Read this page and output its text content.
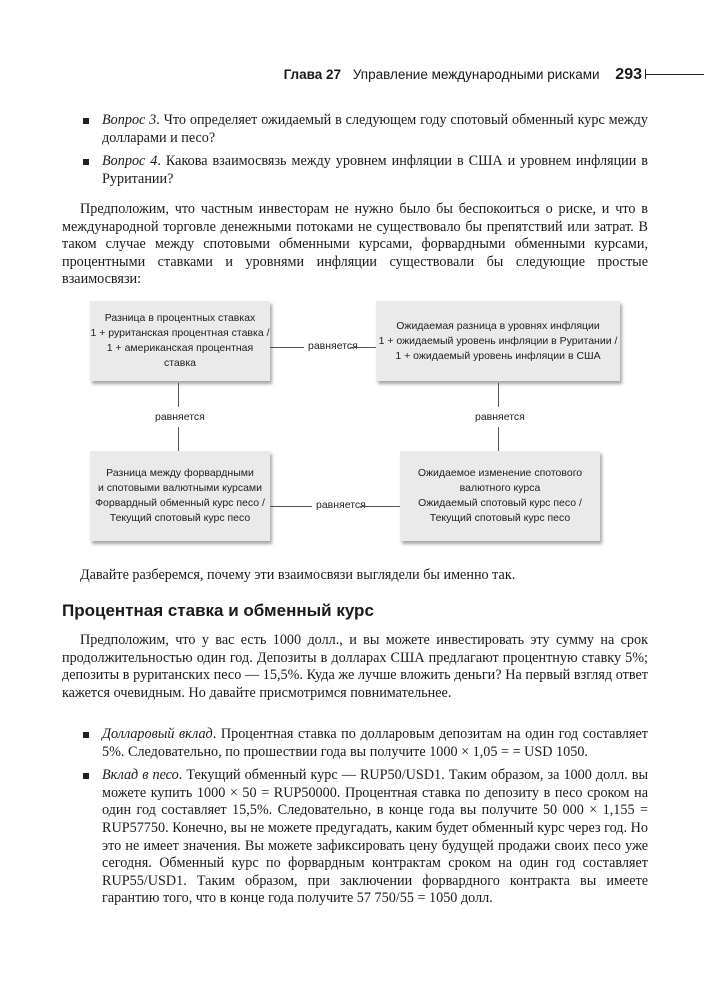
Глава 27 Управление международными рисками 293
Вопрос 3. Что определяет ожидаемый в следующем году спотовый обменный курс между долларами и песо?
Вопрос 4. Какова взаимосвязь между уровнем инфляции в США и уровнем инфляции в Руритании?

Предположим, что частным инвесторам не нужно было бы беспокоиться о риске, и что в международной торговле денежными потоками не существовало бы препятствий или затрат. В таком случае между спотовыми обменными курсами, форвардными обменными курсами, процентными ставками и уровнями инфляции существовали бы следующие простые взаимосвязи:

Разница в процентных ставках
1 + руританская процентная ставка /
1 + американская процентная ставка
Ожидаемая разница в уровнях инфляции
1 + ожидаемый уровень инфляции в Руритании /
1 + ожидаемый уровень инфляции в США
Разница между форвардными
и спотовыми валютными курсами
Форвардный обменный курс песо /
Текущий спотовый курс песо
Ожидаемое изменение спотового
валютного курса
Ожидаемый спотовый курс песо /
Текущий спотовый курс песо
равняется
равняется	равняется
равняется

Давайте разберемся, почему эти взаимосвязи выглядели бы именно так.

Процентная ставка и обменный курс

Предположим, что у вас есть 1000 долл., и вы можете инвестировать эту сумму на срок продолжительностью один год. Депозиты в долларах США предлагают процентную ставку 5%; депозиты в руританских песо — 15,5%. Куда же лучше вложить деньги? На первый взгляд ответ кажется очевидным. Но давайте присмотримся повнимательнее.

Долларовый вклад. Процентная ставка по долларовым депозитам на один год составляет 5%. Следовательно, по прошествии года вы получите 1000 × 1,05 = = USD 1050.
Вклад в песо. Текущий обменный курс — RUP50/USD1. Таким образом, за 1000 долл. вы можете купить 1000 × 50 = RUP50000. Процентная ставка по депозиту в песо сроком на один год составляет 15,5%. Следовательно, в конце года вы получите 50 000 × 1,155 = RUP57750. Конечно, вы не можете предугадать, каким будет обменный курс через год. Но это не имеет значения. Вы можете зафиксировать цену будущей продажи своих песо уже сегодня. Обменный курс по форвардным контрактам сроком на один год составляет RUP55/USD1. Таким образом, при заключении форвардного контракта вы имеете гарантию того, что в конце года получите 57 750/55 = 1050 долл.
